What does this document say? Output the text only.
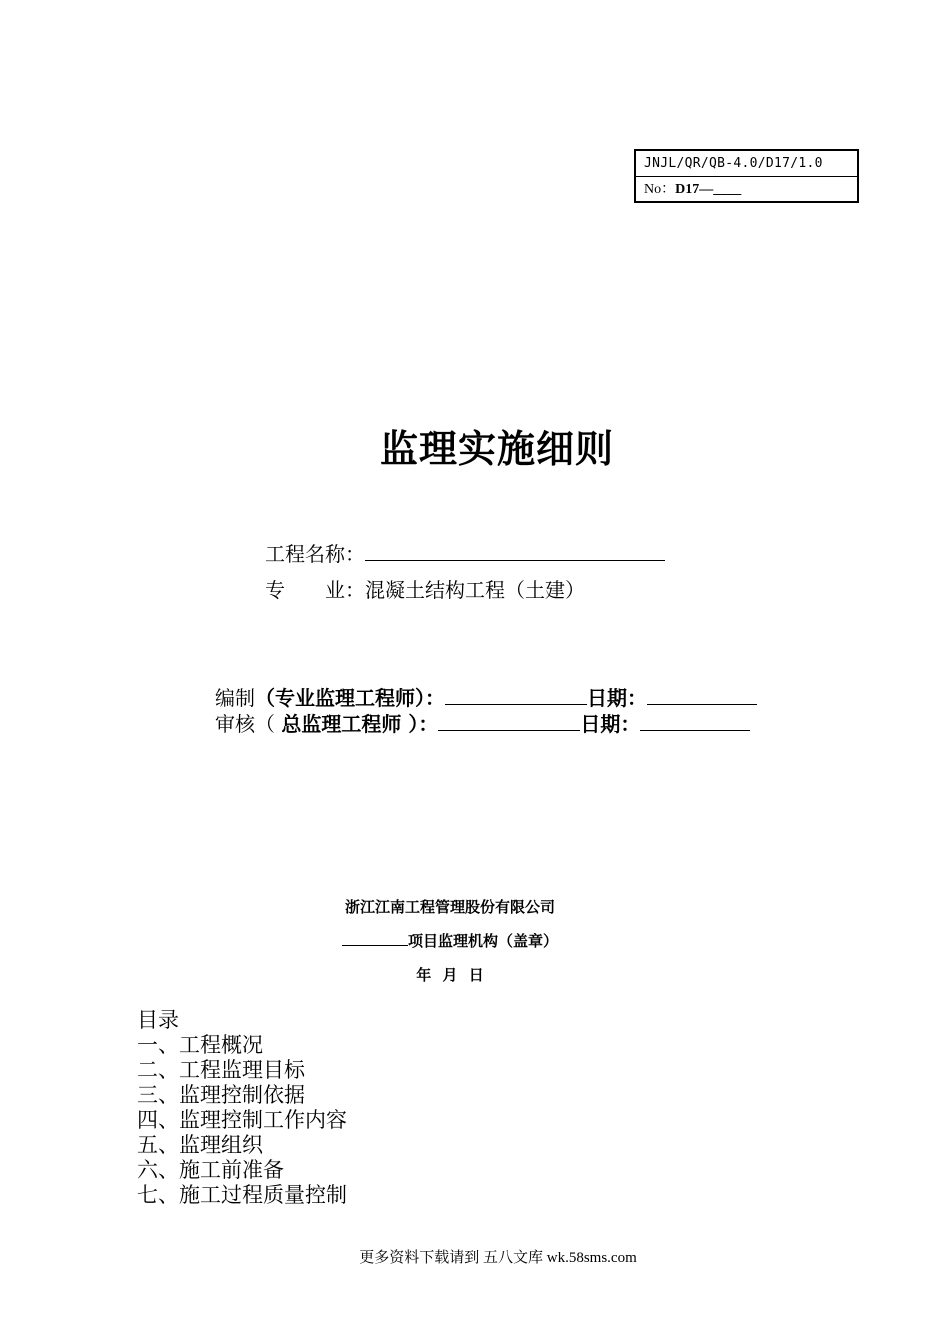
JNJL/QR/QB-4.0/D17/1.0
No：D17—____
监理实施细则
工程名称：
专 业：混凝土结构工程（土建）
编制（专业监理工程师）：	日期：
审核（ 总监理工程师 ）：	日期：
浙江江南工程管理股份有限公司
项目监理机构（盖章）
年 月 日
目录
一、工程概况
二、工程监理目标
三、监理控制依据
四、监理控制工作内容
五、监理组织
六、施工前准备
七、施工过程质量控制
更多资料下载请到 五八文库 wk.58sms.com
